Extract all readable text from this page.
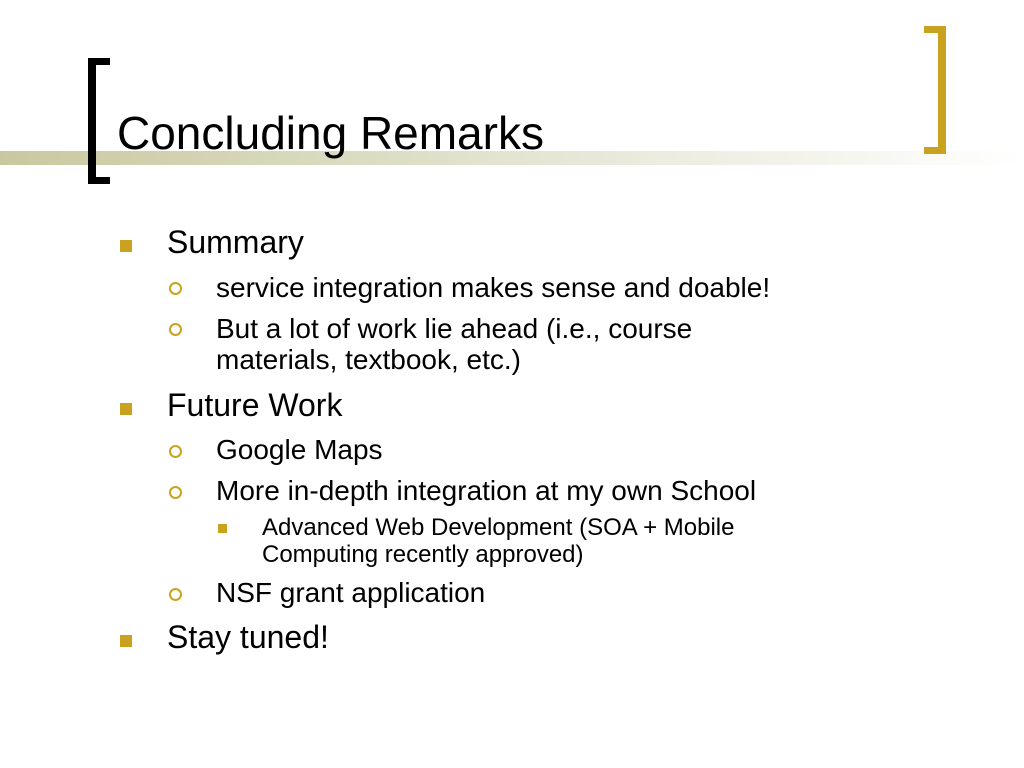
Concluding Remarks
Summary
service integration makes sense and doable!
But a lot of work lie ahead (i.e., course
materials, textbook, etc.)
Future Work
Google Maps
More in-depth integration at my own School
Advanced Web Development (SOA + Mobile
Computing recently approved)
NSF grant application
Stay tuned!
